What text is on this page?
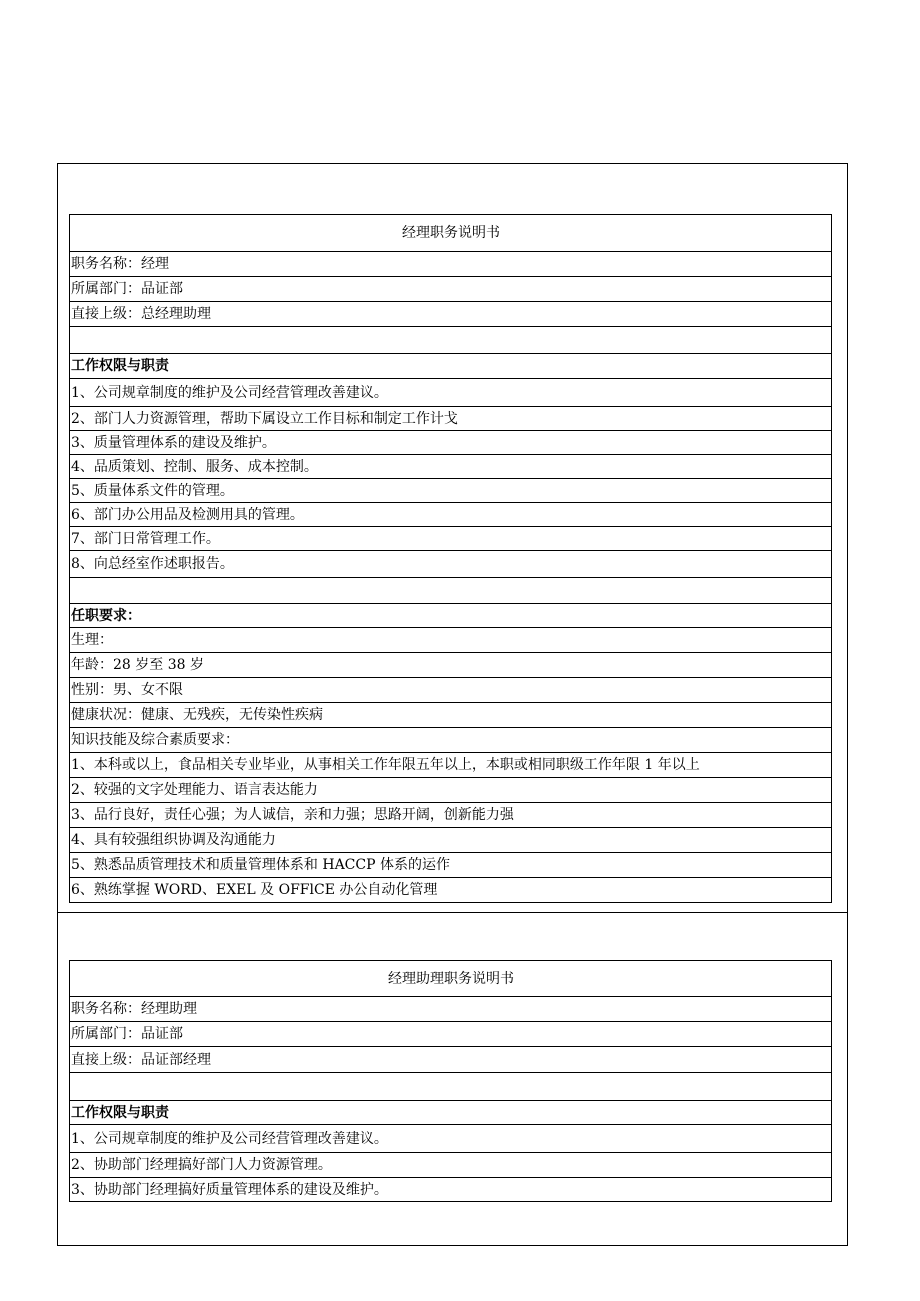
经理职务说明书
职务名称：经理
所属部门：品证部
直接上级：总经理助理

工作权限与职责
1、公司规章制度的维护及公司经营管理改善建议。
2、部门人力资源管理，帮助下属设立工作目标和制定工作计戈
3、质量管理体系的建设及维护。
4、品质策划、控制、服务、成本控制。
5、质量体系文件的管理。
6、部门办公用品及检测用具的管理。
7、部门日常管理工作。
8、向总经室作述职报告。

任职要求：
生理：
年龄：28 岁至 38 岁
性别：男、女不限
健康状况：健康、无残疾，无传染性疾病
知识技能及综合素质要求：
1、本科或以上，食品相关专业毕业，从事相关工作年限五年以上，本职或相同职级工作年限 1 年以上
2、较强的文字处理能力、语言表达能力
3、品行良好，责任心强；为人诚信，亲和力强；思路开阔，创新能力强
4、具有较强组织协调及沟通能力
5、熟悉品质管理技术和质量管理体系和 HACCP 体系的运作
6、熟练掌握 WORD、EXEL 及 OFFlCE 办公自动化管理
经理助理职务说明书
职务名称：经理助理
所属部门：品证部
直接上级：品证部经理

工作权限与职责
1、公司规章制度的维护及公司经营管理改善建议。
2、协助部门经理搞好部门人力资源管理。
3、协助部门经理搞好质量管理体系的建设及维护。
